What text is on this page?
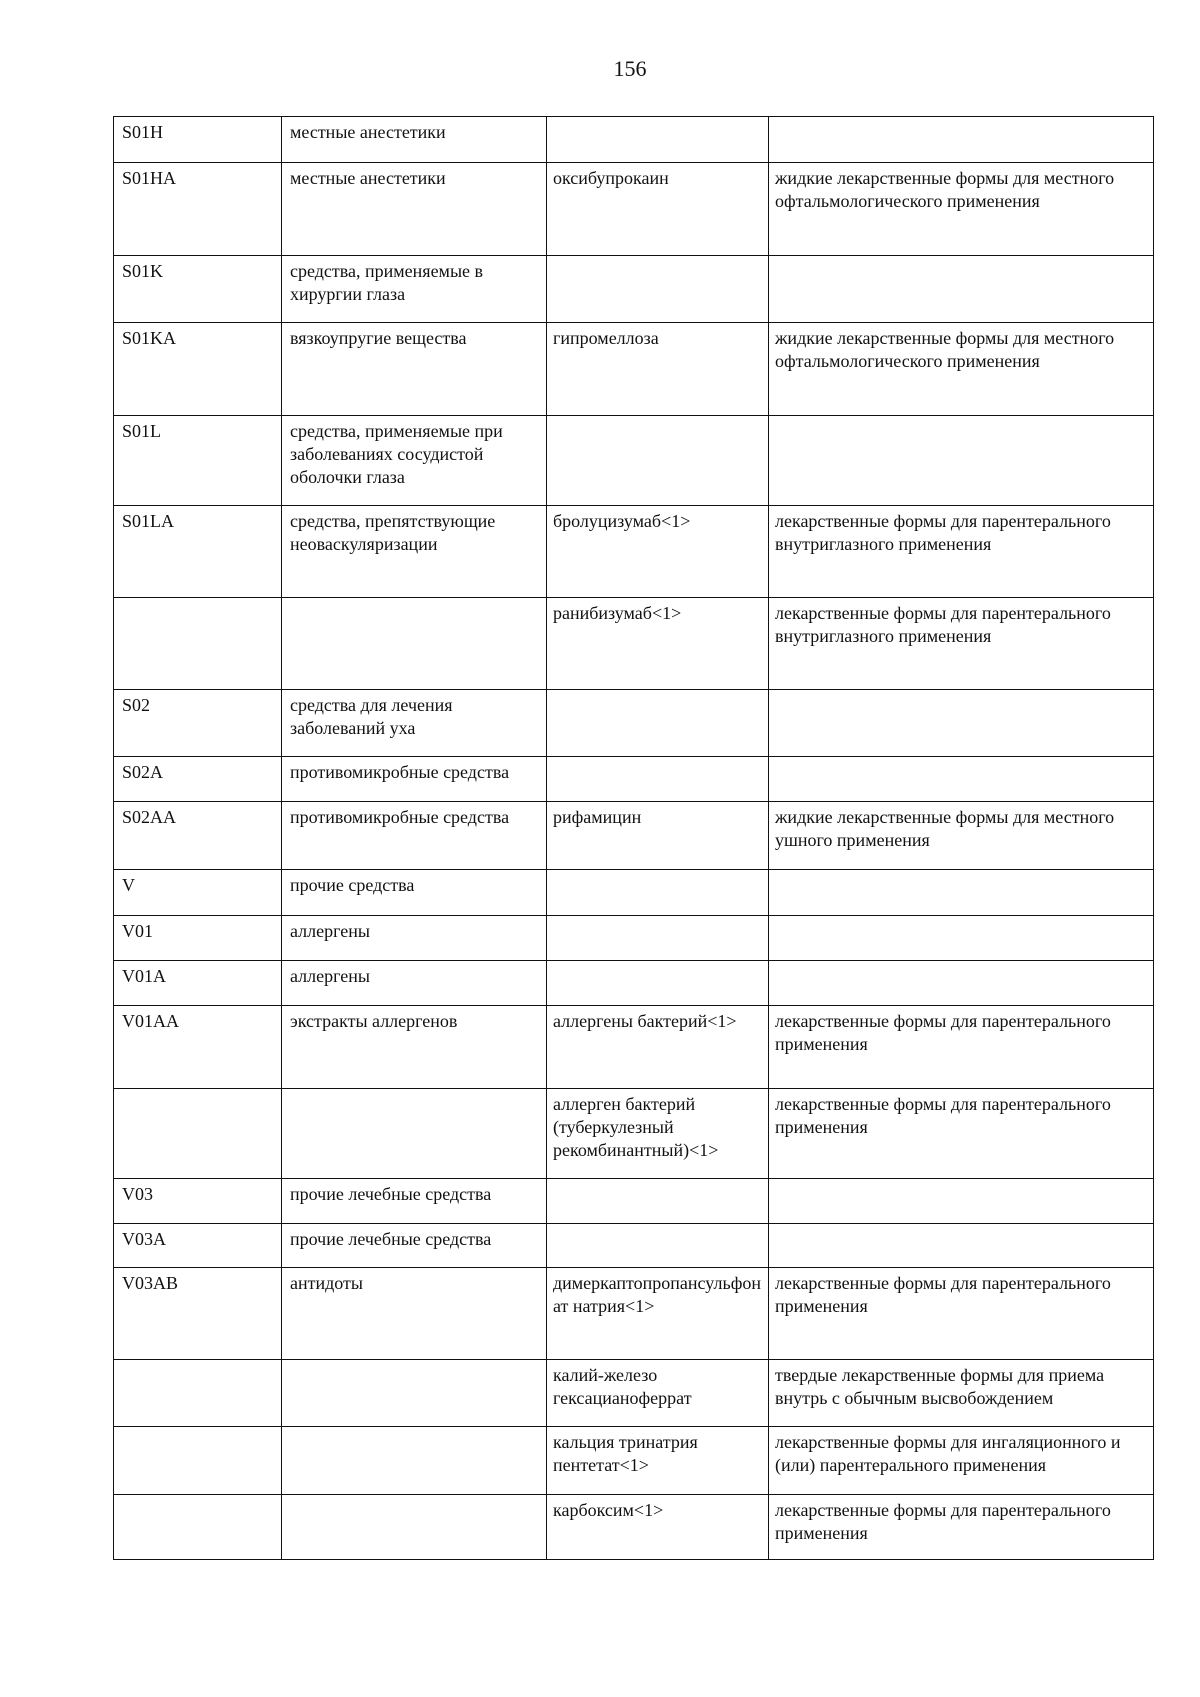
156
S01H	местные анестетики		
S01HA	местные анестетики	оксибупрокаин	жидкие лекарственные формы для местного офтальмологического применения
S01K	средства, применяемые в хирургии глаза		
S01KA	вязкоупругие вещества	гипромеллоза	жидкие лекарственные формы для местного офтальмологического применения
S01L	средства, применяемые при заболеваниях сосудистой оболочки глаза		
S01LA	средства, препятствующие неоваскуляризации	бролуцизумаб<1>	лекарственные формы для парентерального внутриглазного применения
		ранибизумаб<1>	лекарственные формы для парентерального внутриглазного применения
S02	средства для лечения заболеваний уха		
S02A	противомикробные средства		
S02AA	противомикробные средства	рифамицин	жидкие лекарственные формы для местного ушного применения
V	прочие средства		
V01	аллергены		
V01A	аллергены		
V01AA	экстракты аллергенов	аллергены бактерий<1>	лекарственные формы для парентерального применения
		аллерген бактерий (туберкулезный рекомбинантный)<1>	лекарственные формы для парентерального применения
V03	прочие лечебные средства		
V03A	прочие лечебные средства		
V03AB	антидоты	димеркаптопропансульфонат натрия<1>	лекарственные формы для парентерального применения
		калий-железо гексацианоферрат	твердые лекарственные формы для приема внутрь с обычным высвобождением
		кальция тринатрия пентетат<1>	лекарственные формы для ингаляционного и (или) парентерального применения
		карбоксим<1>	лекарственные формы для парентерального применения
